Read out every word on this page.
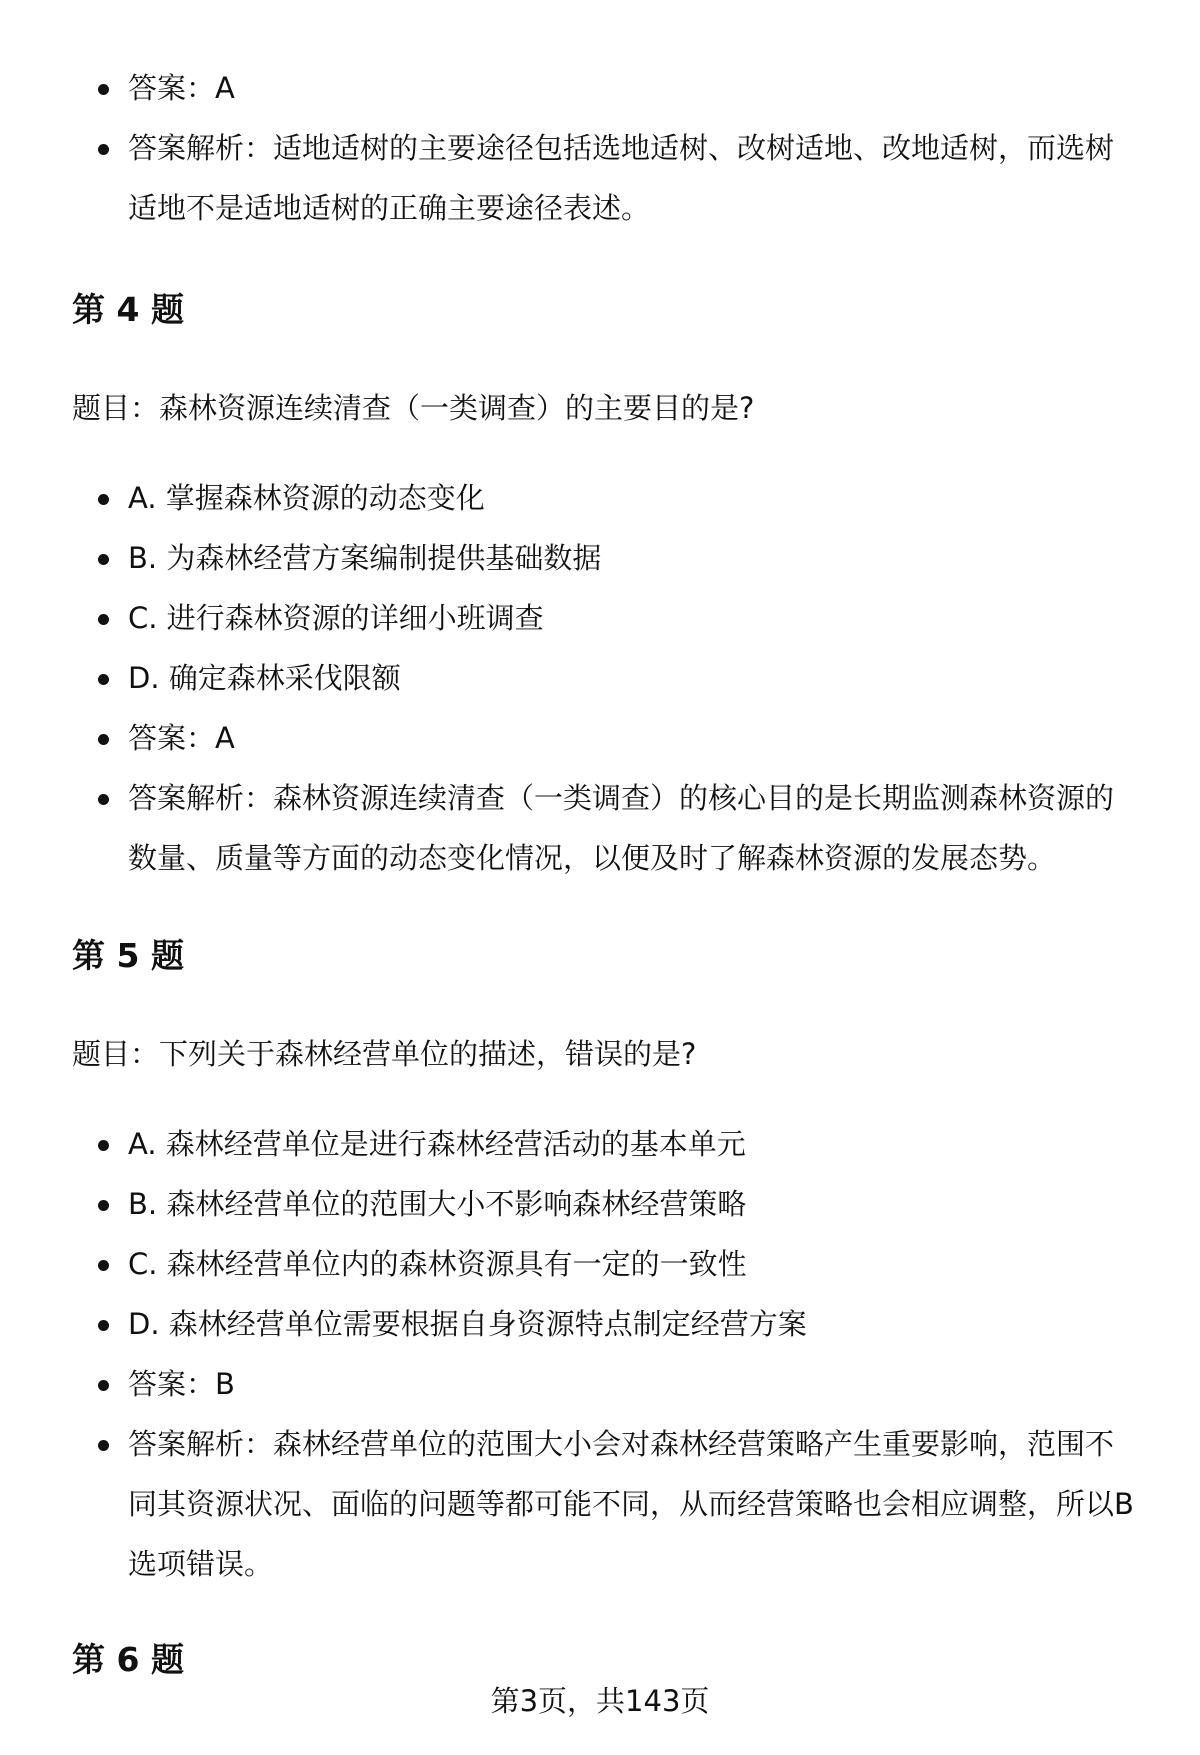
答案：A
答案解析：适地适树的主要途径包括选地适树、改树适地、改地适树，而选树适地不是适地适树的正确主要途径表述。
第 4 题
题目：森林资源连续清查（一类调查）的主要目的是?
A. 掌握森林资源的动态变化
B. 为森林经营方案编制提供基础数据
C. 进行森林资源的详细小班调查
D. 确定森林采伐限额
答案：A
答案解析：森林资源连续清查（一类调查）的核心目的是长期监测森林资源的数量、质量等方面的动态变化情况，以便及时了解森林资源的发展态势。
第 5 题
题目：下列关于森林经营单位的描述，错误的是?
A. 森林经营单位是进行森林经营活动的基本单元
B. 森林经营单位的范围大小不影响森林经营策略
C. 森林经营单位内的森林资源具有一定的一致性
D. 森林经营单位需要根据自身资源特点制定经营方案
答案：B
答案解析：森林经营单位的范围大小会对森林经营策略产生重要影响，范围不同其资源状况、面临的问题等都可能不同，从而经营策略也会相应调整，所以B选项错误。
第 6 题
第3页，共143页
